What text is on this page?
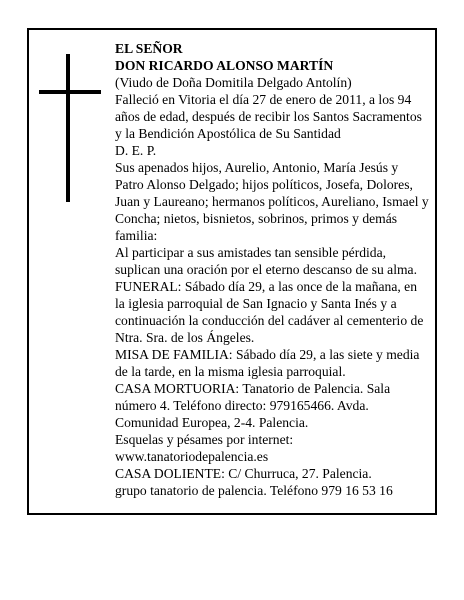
EL SEÑOR

DON RICARDO ALONSO MARTÍN

(Viudo de Doña Domitila Delgado Antolín)

Falleció en Vitoria el día 27 de enero de 2011, a los 94 años de edad, después de recibir los Santos Sacramentos y la Bendición Apostólica de Su Santidad

D. E. P.

Sus apenados hijos, Aurelio, Antonio, María Jesús y Patro Alonso Delgado; hijos políticos, Josefa, Dolores, Juan y Laureano; hermanos políticos, Aureliano, Ismael y Concha; nietos, bisnietos, sobrinos, primos y demás familia:

Al participar a sus amistades tan sensible pérdida, suplican una oración por el eterno descanso de su alma.

FUNERAL: Sábado día 29, a las once de la mañana, en la iglesia parroquial de San Ignacio y Santa Inés y a continuación la conducción del cadáver al cementerio de Ntra. Sra. de los Ángeles.

MISA DE FAMILIA: Sábado día 29, a las siete y media de la tarde, en la misma iglesia parroquial.

CASA MORTUORIA: Tanatorio de Palencia. Sala número 4. Teléfono directo: 979165466. Avda. Comunidad Europea, 2-4. Palencia.

Esquelas y pésames por internet:

www.tanatoriodepalencia.es

CASA DOLIENTE: C/ Churruca, 27. Palencia.

grupo tanatorio de palencia. Teléfono 979 16 53 16
